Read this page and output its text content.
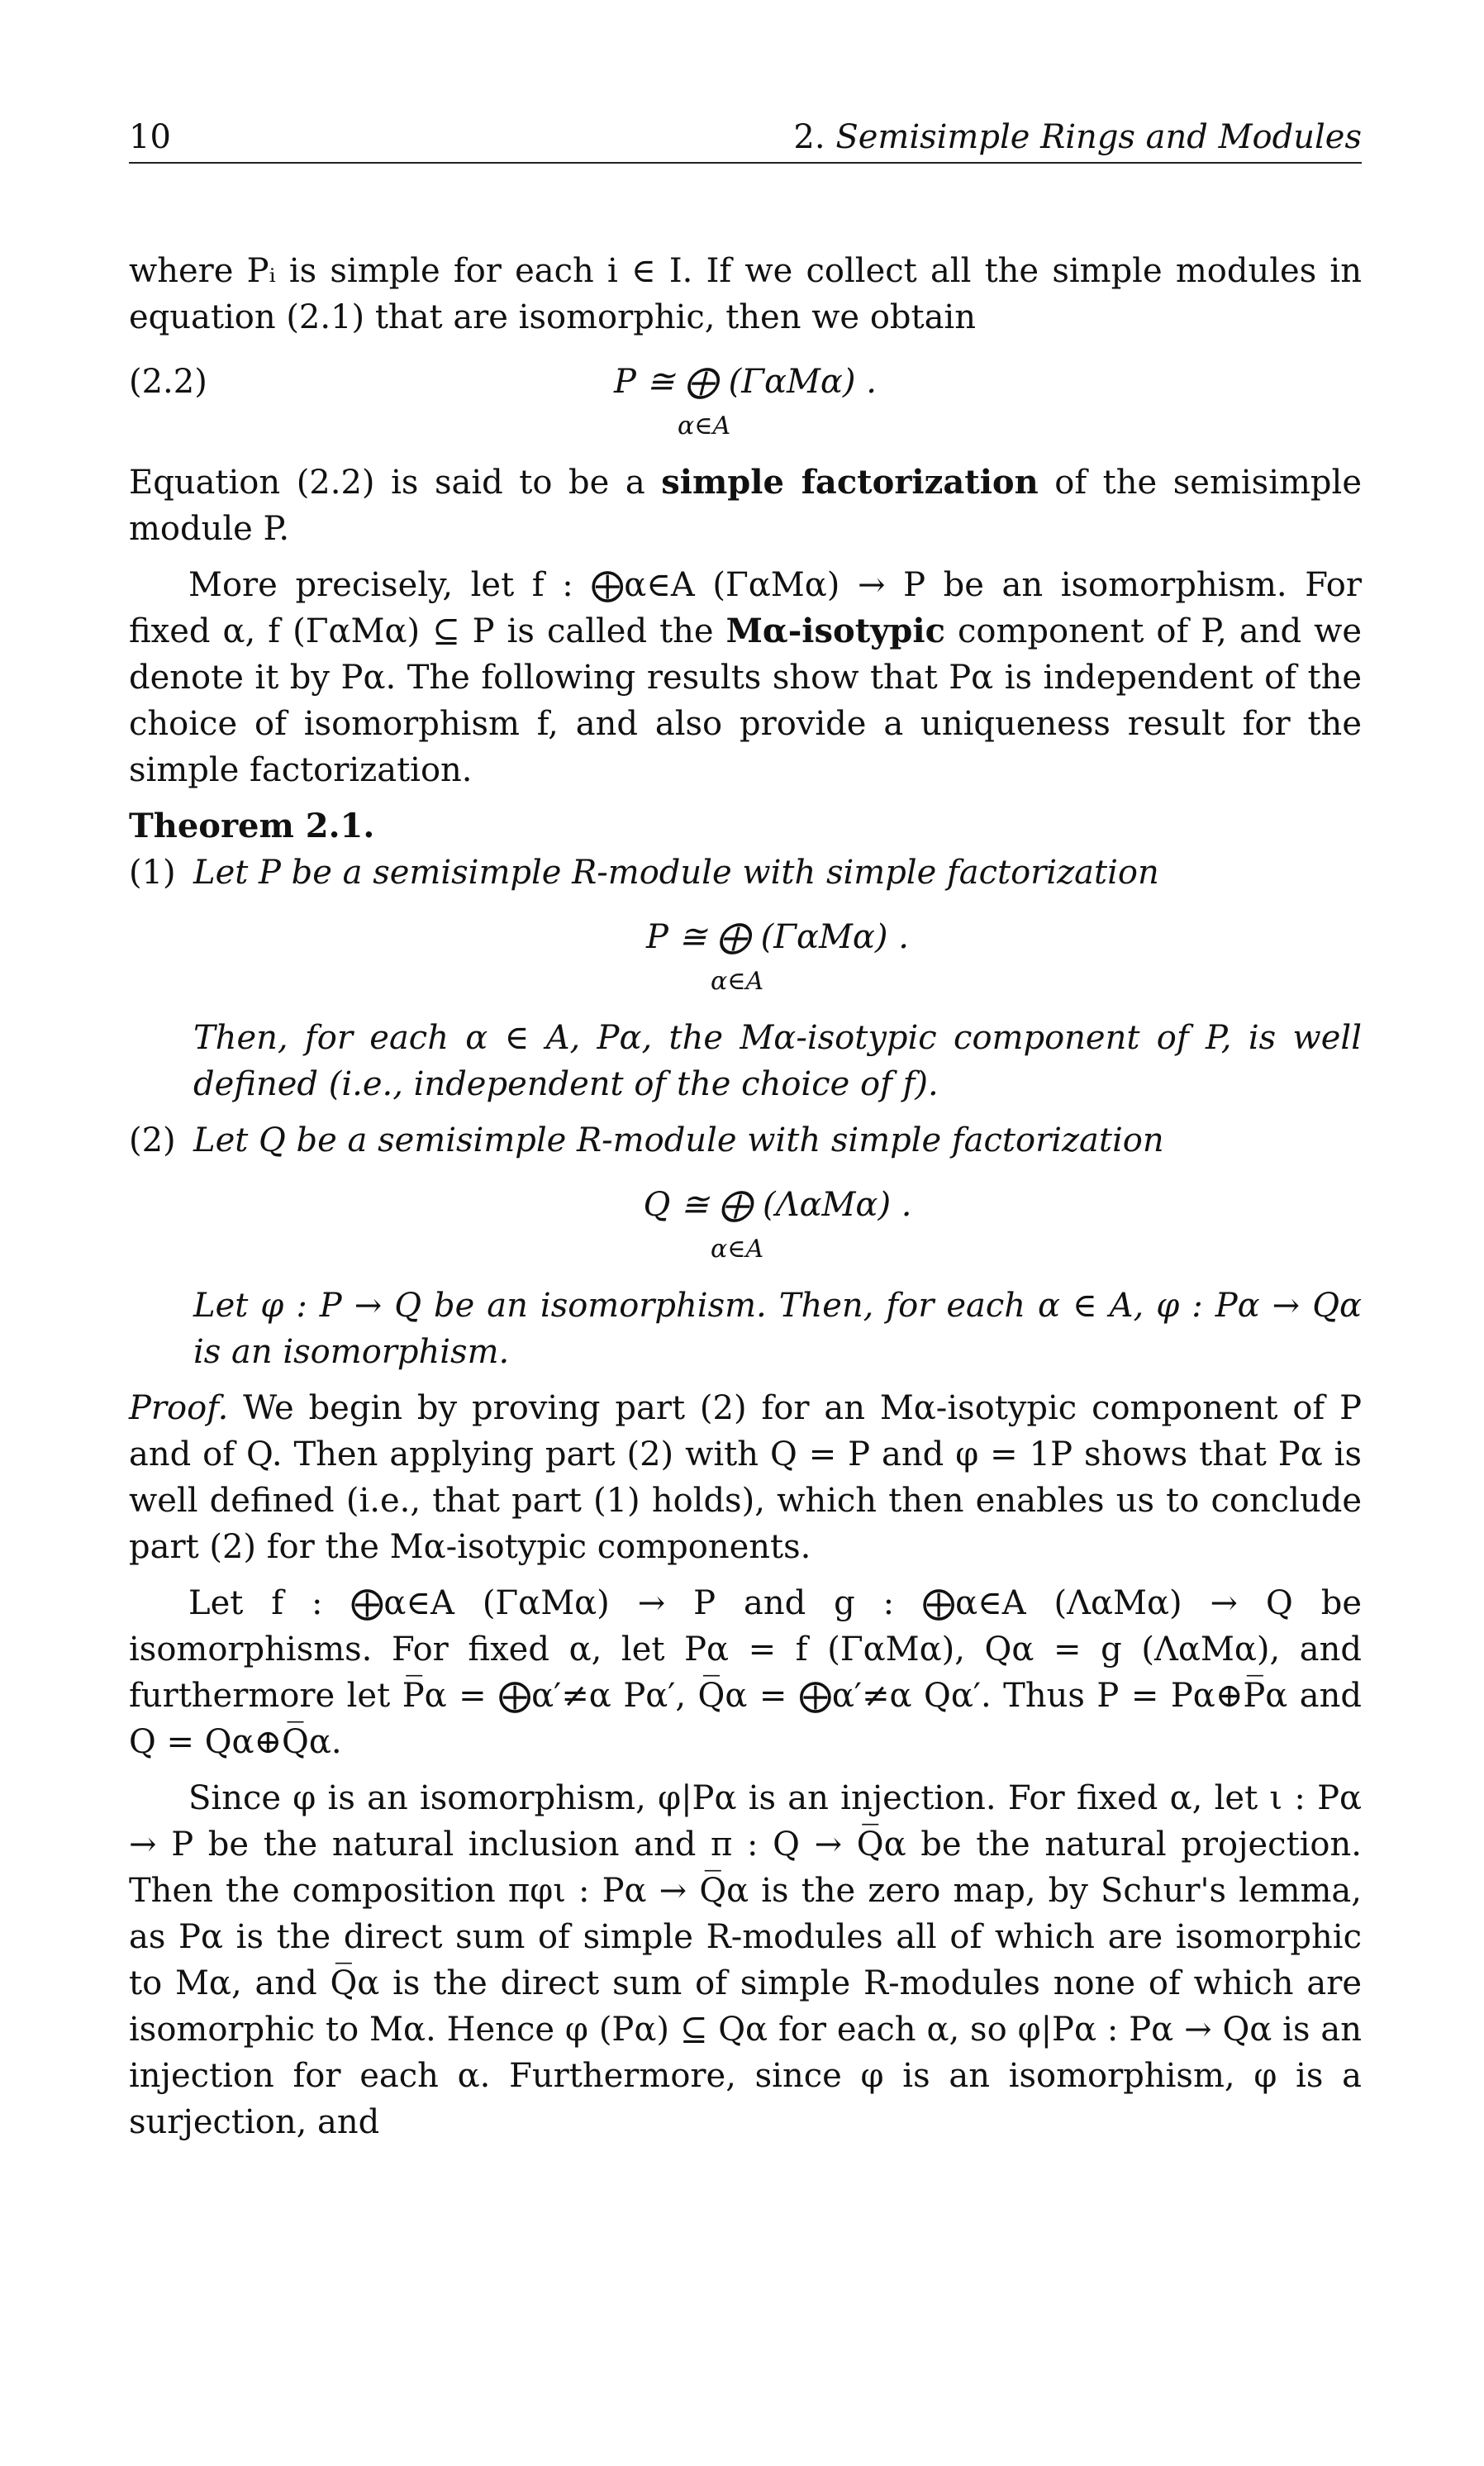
10	2. Semisimple Rings and Modules

where Pᵢ is simple for each i ∈ I. If we collect all the simple modules in equation (2.1) that are isomorphic, then we obtain

(2.2)	P ≅ ⨁ (ΓαMα) .
α∈A

Equation (2.2) is said to be a simple factorization of the semisimple module P.

More precisely, let f : ⨁α∈A (ΓαMα) → P be an isomorphism. For fixed α, f (ΓαMα) ⊆ P is called the Mα-isotypic component of P, and we denote it by Pα. The following results show that Pα is independent of the choice of isomorphism f, and also provide a uniqueness result for the simple factorization.

Theorem 2.1.

(1) Let P be a semisimple R-module with simple factorization

P ≅ ⨁ (ΓαMα) .
α∈A

Then, for each α ∈ A, Pα, the Mα-isotypic component of P, is well defined (i.e., independent of the choice of f).

(2) Let Q be a semisimple R-module with simple factorization

Q ≅ ⨁ (ΛαMα) .
α∈A

Let φ : P → Q be an isomorphism. Then, for each α ∈ A, φ : Pα → Qα is an isomorphism.

Proof. We begin by proving part (2) for an Mα-isotypic component of P and of Q. Then applying part (2) with Q = P and φ = 1P shows that Pα is well defined (i.e., that part (1) holds), which then enables us to conclude part (2) for the Mα-isotypic components.

Let f : ⨁α∈A (ΓαMα) → P and g : ⨁α∈A (ΛαMα) → Q be isomorphisms. For fixed α, let Pα = f (ΓαMα), Qα = g (ΛαMα), and furthermore let P̅α = ⨁α′≠α Pα′, Q̅α = ⨁α′≠α Qα′. Thus P = Pα⊕P̅α and Q = Qα⊕Q̅α.

Since φ is an isomorphism, φ|Pα is an injection. For fixed α, let ι : Pα → P be the natural inclusion and π : Q → Q̅α be the natural projection. Then the composition πφι : Pα → Q̅α is the zero map, by Schur's lemma, as Pα is the direct sum of simple R-modules all of which are isomorphic to Mα, and Q̅α is the direct sum of simple R-modules none of which are isomorphic to Mα. Hence φ (Pα) ⊆ Qα for each α, so φ|Pα : Pα → Qα is an injection for each α. Furthermore, since φ is an isomorphism, φ is a surjection, and
